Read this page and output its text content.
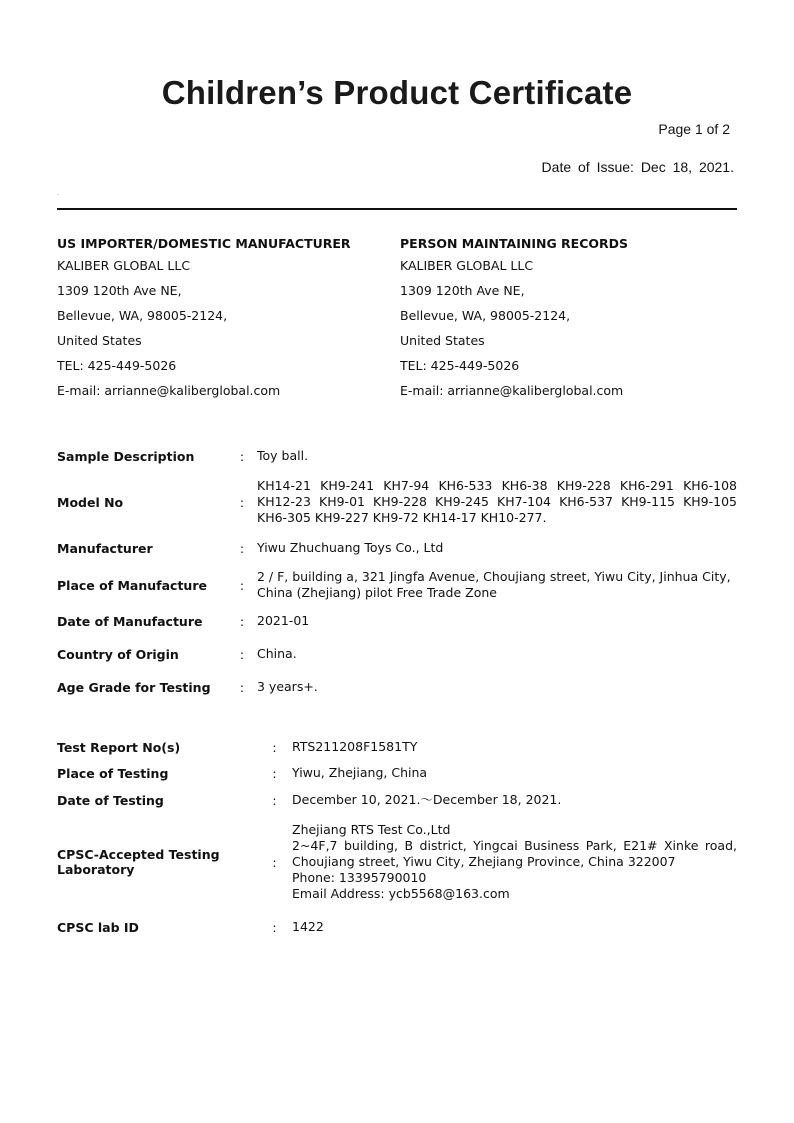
Children’s Product Certificate
Page 1 of 2
Date of Issue: Dec 18, 2021.
.
US IMPORTER/DOMESTIC MANUFACTURER
KALIBER GLOBAL LLC
1309 120th Ave NE,
Bellevue, WA, 98005-2124,
United States
TEL: 425-449-5026
E-mail: arrianne@kaliberglobal.com
PERSON MAINTAINING RECORDS
KALIBER GLOBAL LLC
1309 120th Ave NE,
Bellevue, WA, 98005-2124,
United States
TEL: 425-449-5026
E-mail: arrianne@kaliberglobal.com
Sample Description	:	Toy ball.
Model No	:
KH14-21 KH9-241 KH7-94 KH6-533 KH6-38 KH9-228 KH6-291 KH6-108 KH12-23 KH9-01 KH9-228 KH9-245 KH7-104 KH6-537 KH9-115 KH9-105 KH6-305 KH9-227 KH9-72 KH14-17 KH10-277.
Manufacturer	:	Yiwu Zhuchuang Toys Co., Ltd
Place of Manufacture	:
2 / F, building a, 321 Jingfa Avenue, Choujiang street, Yiwu City, Jinhua City, China (Zhejiang) pilot Free Trade Zone
Date of Manufacture	:	2021-01
Country of Origin	:	China.
Age Grade for Testing	:	3 years+.
Test Report No(s)	:	RTS211208F1581TY
Place of Testing	:	Yiwu, Zhejiang, China
Date of Testing	:	December 10, 2021.～December 18, 2021.
CPSC-Accepted Testing Laboratory	:
Zhejiang RTS Test Co.,Ltd
2~4F,7 building, B district, Yingcai Business Park, E21# Xinke road, Choujiang street, Yiwu City, Zhejiang Province, China 322007
Phone: 13395790010
Email Address: ycb5568@163.com
CPSC lab ID	:	1422
